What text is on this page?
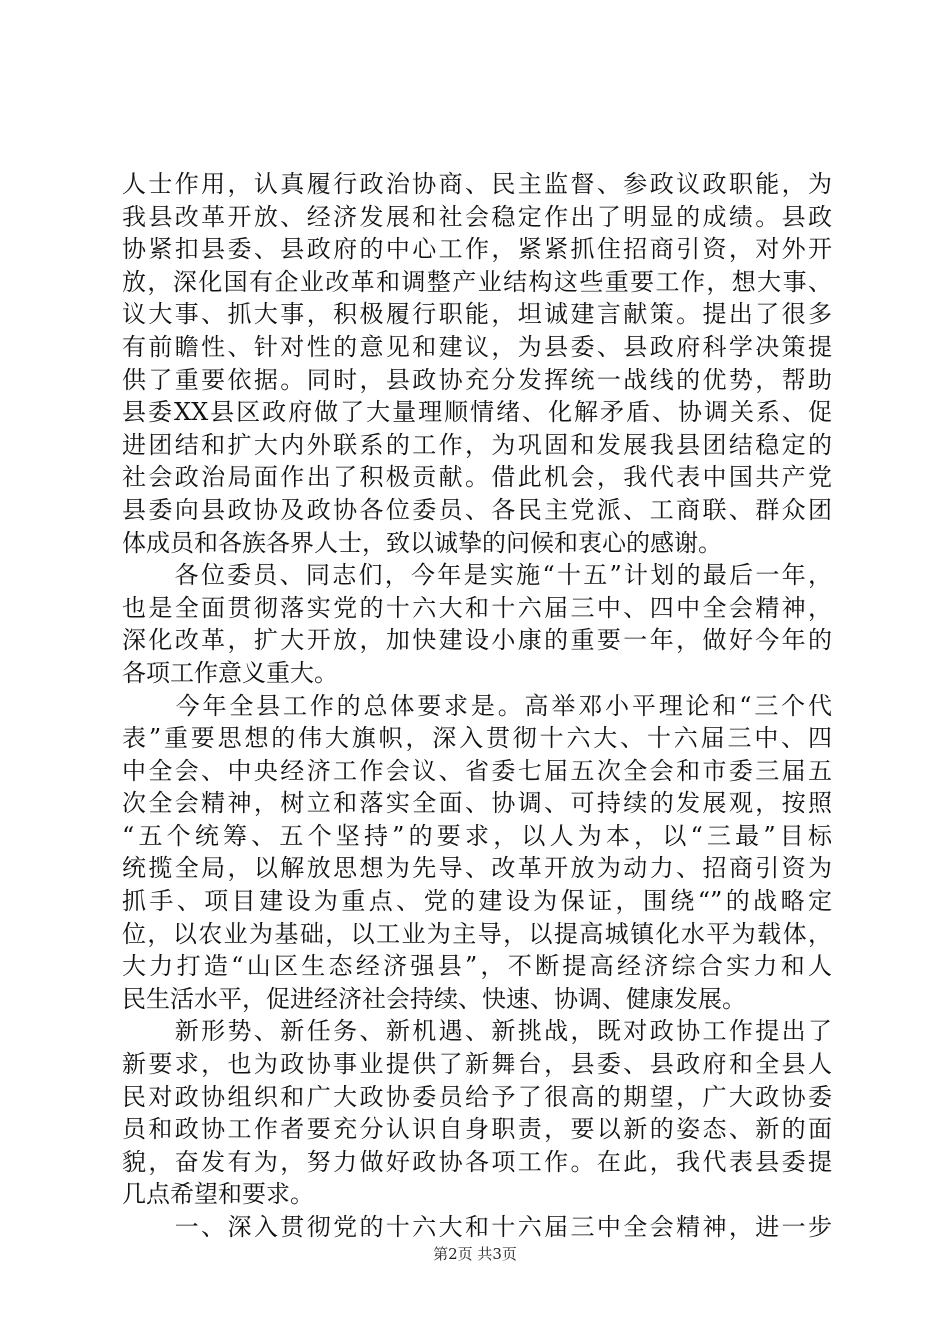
人士作用，认真履行政治协商、民主监督、参政议政职能，为
我县改革开放、经济发展和社会稳定作出了明显的成绩。县政
协紧扣县委、县政府的中心工作，紧紧抓住招商引资，对外开
放，深化国有企业改革和调整产业结构这些重要工作，想大事、
议大事、抓大事，积极履行职能，坦诚建言献策。提出了很多
有前瞻性、针对性的意见和建议，为县委、县政府科学决策提
供了重要依据。同时，县政协充分发挥统一战线的优势，帮助
县委XX县区政府做了大量理顺情绪、化解矛盾、协调关系、促
进团结和扩大内外联系的工作，为巩固和发展我县团结稳定的
社会政治局面作出了积极贡献。借此机会，我代表中国共产党
县委向县政协及政协各位委员、各民主党派、工商联、群众团
体成员和各族各界人士，致以诚挚的问候和衷心的感谢。
　　各位委员、同志们，今年是实施“十五”计划的最后一年，
也是全面贯彻落实党的十六大和十六届三中、四中全会精神，
深化改革，扩大开放，加快建设小康的重要一年，做好今年的
各项工作意义重大。
　　今年全县工作的总体要求是。高举邓小平理论和“三个代
表”重要思想的伟大旗帜，深入贯彻十六大、十六届三中、四
中全会、中央经济工作会议、省委七届五次全会和市委三届五
次全会精神，树立和落实全面、协调、可持续的发展观，按照
“五个统筹、五个坚持”的要求，以人为本，以“三最”目标
统揽全局，以解放思想为先导、改革开放为动力、招商引资为
抓手、项目建设为重点、党的建设为保证，围绕“”的战略定
位，以农业为基础，以工业为主导，以提高城镇化水平为载体，
大力打造“山区生态经济强县”，不断提高经济综合实力和人
民生活水平，促进经济社会持续、快速、协调、健康发展。
　　新形势、新任务、新机遇、新挑战，既对政协工作提出了
新要求，也为政协事业提供了新舞台，县委、县政府和全县人
民对政协组织和广大政协委员给予了很高的期望，广大政协委
员和政协工作者要充分认识自身职责，要以新的姿态、新的面
貌，奋发有为，努力做好政协各项工作。在此，我代表县委提
几点希望和要求。
　　一、深入贯彻党的十六大和十六届三中全会精神，进一步
第2页 共3页
